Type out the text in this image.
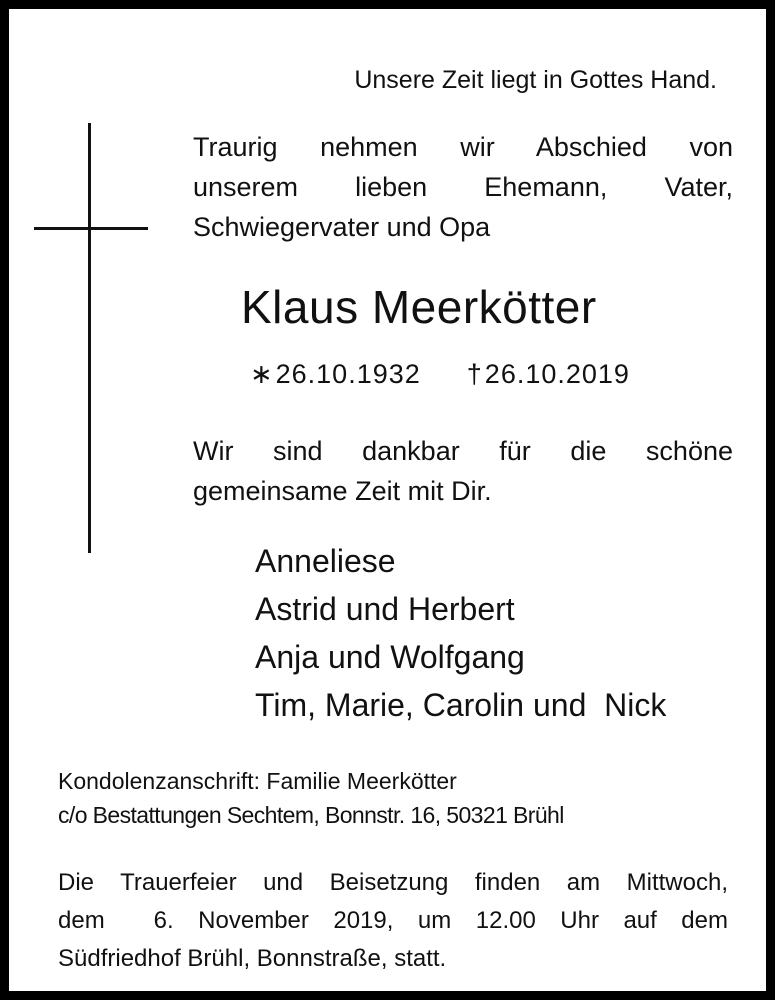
Unsere Zeit liegt in Gottes Hand.

Traurig nehmen wir Abschied von
unserem lieben Ehemann, Vater,
Schwiegervater und Opa
Klaus Meerkötter
∗26.10.1932 †26.10.2019
Wir sind dankbar für die schöne
gemeinsame Zeit mit Dir.
Anneliese
Astrid und Herbert
Anja und Wolfgang
Tim, Marie, Carolin und  Nick
Kondolenzanschrift: Familie Meerkötter
c/o Bestattungen Sechtem, Bonnstr. 16, 50321 Brühl
Die Trauerfeier und Beisetzung finden am Mittwoch,
dem  6. November 2019, um 12.00 Uhr auf dem
Südfriedhof Brühl, Bonnstraße, statt.
